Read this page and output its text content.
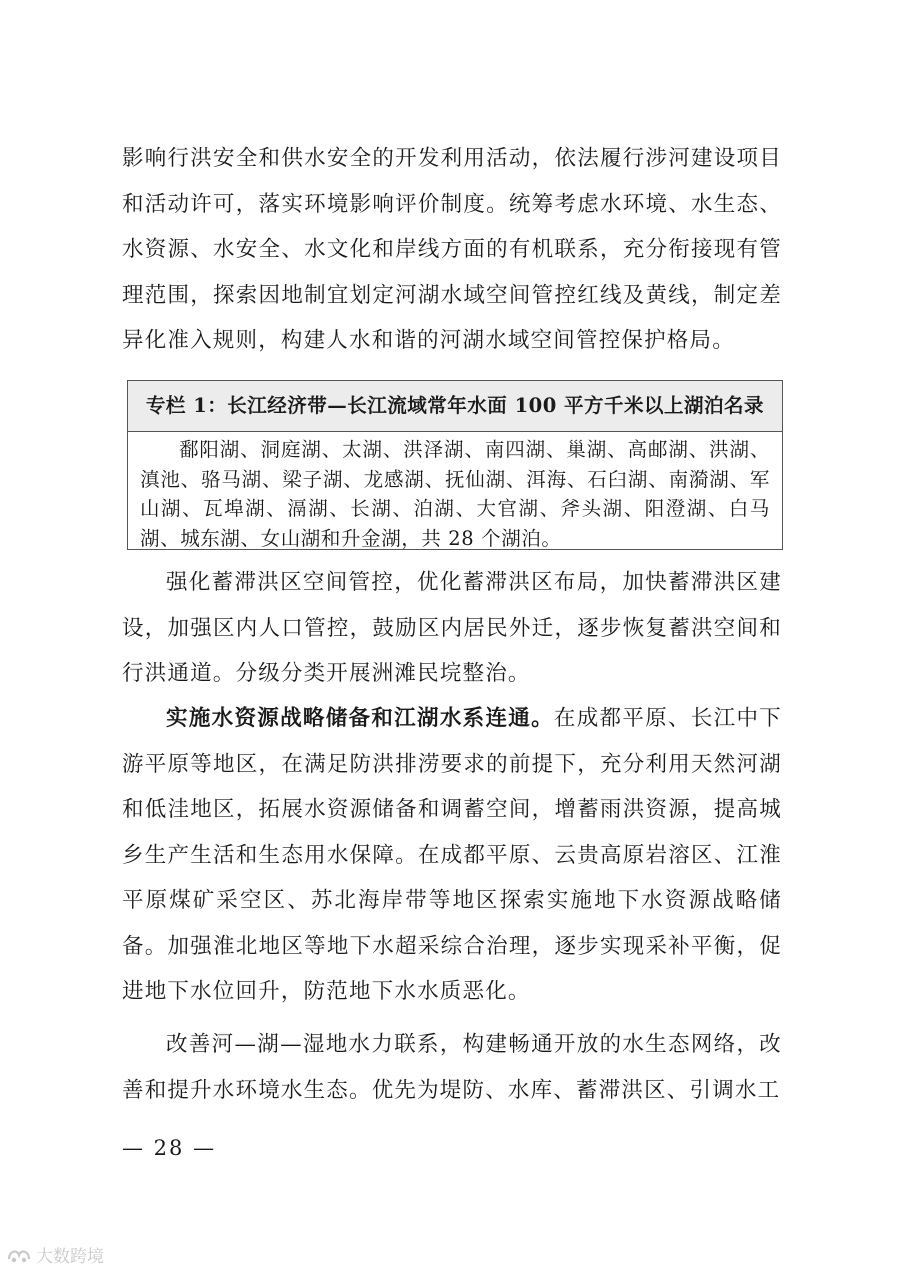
影响行洪安全和供水安全的开发利用活动，依法履行涉河建设项目和活动许可，落实环境影响评价制度。统筹考虑水环境、水生态、水资源、水安全、水文化和岸线方面的有机联系，充分衔接现有管理范围，探索因地制宜划定河湖水域空间管控红线及黄线，制定差异化准入规则，构建人水和谐的河湖水域空间管控保护格局。

专栏 1：长江经济带—长江流域常年水面 100 平方千米以上湖泊名录
鄱阳湖、洞庭湖、太湖、洪泽湖、南四湖、巢湖、高邮湖、洪湖、滇池、骆马湖、梁子湖、龙感湖、抚仙湖、洱海、石臼湖、南漪湖、军山湖、瓦埠湖、滆湖、长湖、泊湖、大官湖、斧头湖、阳澄湖、白马湖、城东湖、女山湖和升金湖，共 28 个湖泊。

强化蓄滞洪区空间管控，优化蓄滞洪区布局，加快蓄滞洪区建设，加强区内人口管控，鼓励区内居民外迁，逐步恢复蓄洪空间和行洪通道。分级分类开展洲滩民垸整治。

实施水资源战略储备和江湖水系连通。在成都平原、长江中下游平原等地区，在满足防洪排涝要求的前提下，充分利用天然河湖和低洼地区，拓展水资源储备和调蓄空间，增蓄雨洪资源，提高城乡生产生活和生态用水保障。在成都平原、云贵高原岩溶区、江淮平原煤矿采空区、苏北海岸带等地区探索实施地下水资源战略储备。加强淮北地区等地下水超采综合治理，逐步实现采补平衡，促进地下水位回升，防范地下水水质恶化。

改善河—湖—湿地水力联系，构建畅通开放的水生态网络，改善和提升水环境水生态。优先为堤防、水库、蓄滞洪区、引调水工

— 28 —
大数跨境
